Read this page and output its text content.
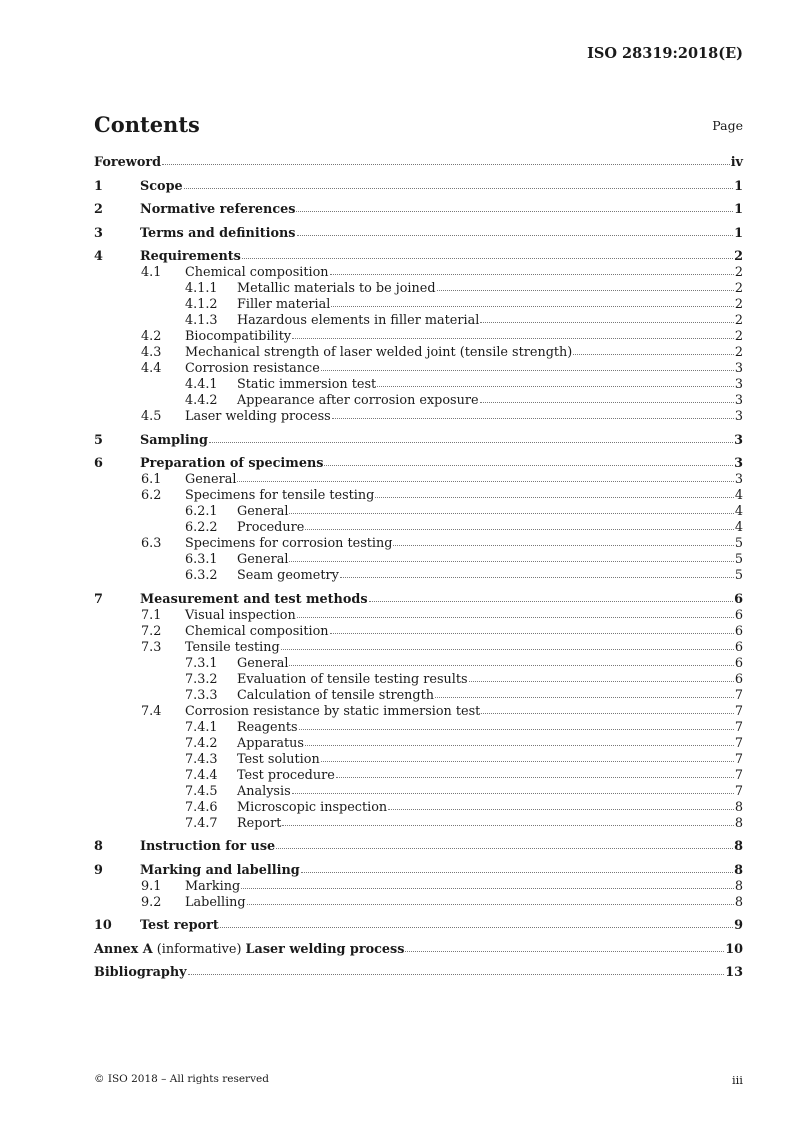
ISO 28319:2018(E)
Contents	Page
Foreword	iv
1	Scope	1
2	Normative references	1
3	Terms and definitions	1
4	Requirements	2
4.1	Chemical composition	2
4.1.1	Metallic materials to be joined	2
4.1.2	Filler material	2
4.1.3	Hazardous elements in filler material	2
4.2	Biocompatibility	2
4.3	Mechanical strength of laser welded joint (tensile strength)	2
4.4	Corrosion resistance	3
4.4.1	Static immersion test	3
4.4.2	Appearance after corrosion exposure	3
4.5	Laser welding process	3
5	Sampling	3
6	Preparation of specimens	3
6.1	General	3
6.2	Specimens for tensile testing	4
6.2.1	General	4
6.2.2	Procedure	4
6.3	Specimens for corrosion testing	5
6.3.1	General	5
6.3.2	Seam geometry	5
7	Measurement and test methods	6
7.1	Visual inspection	6
7.2	Chemical composition	6
7.3	Tensile testing	6
7.3.1	General	6
7.3.2	Evaluation of tensile testing results	6
7.3.3	Calculation of tensile strength	7
7.4	Corrosion resistance by static immersion test	7
7.4.1	Reagents	7
7.4.2	Apparatus	7
7.4.3	Test solution	7
7.4.4	Test procedure	7
7.4.5	Analysis	7
7.4.6	Microscopic inspection	8
7.4.7	Report	8
8	Instruction for use	8
9	Marking and labelling	8
9.1	Marking	8
9.2	Labelling	8
10	Test report	9
Annex A (informative) Laser welding process	10
Bibliography	13
© ISO 2018 – All rights reserved	iii
